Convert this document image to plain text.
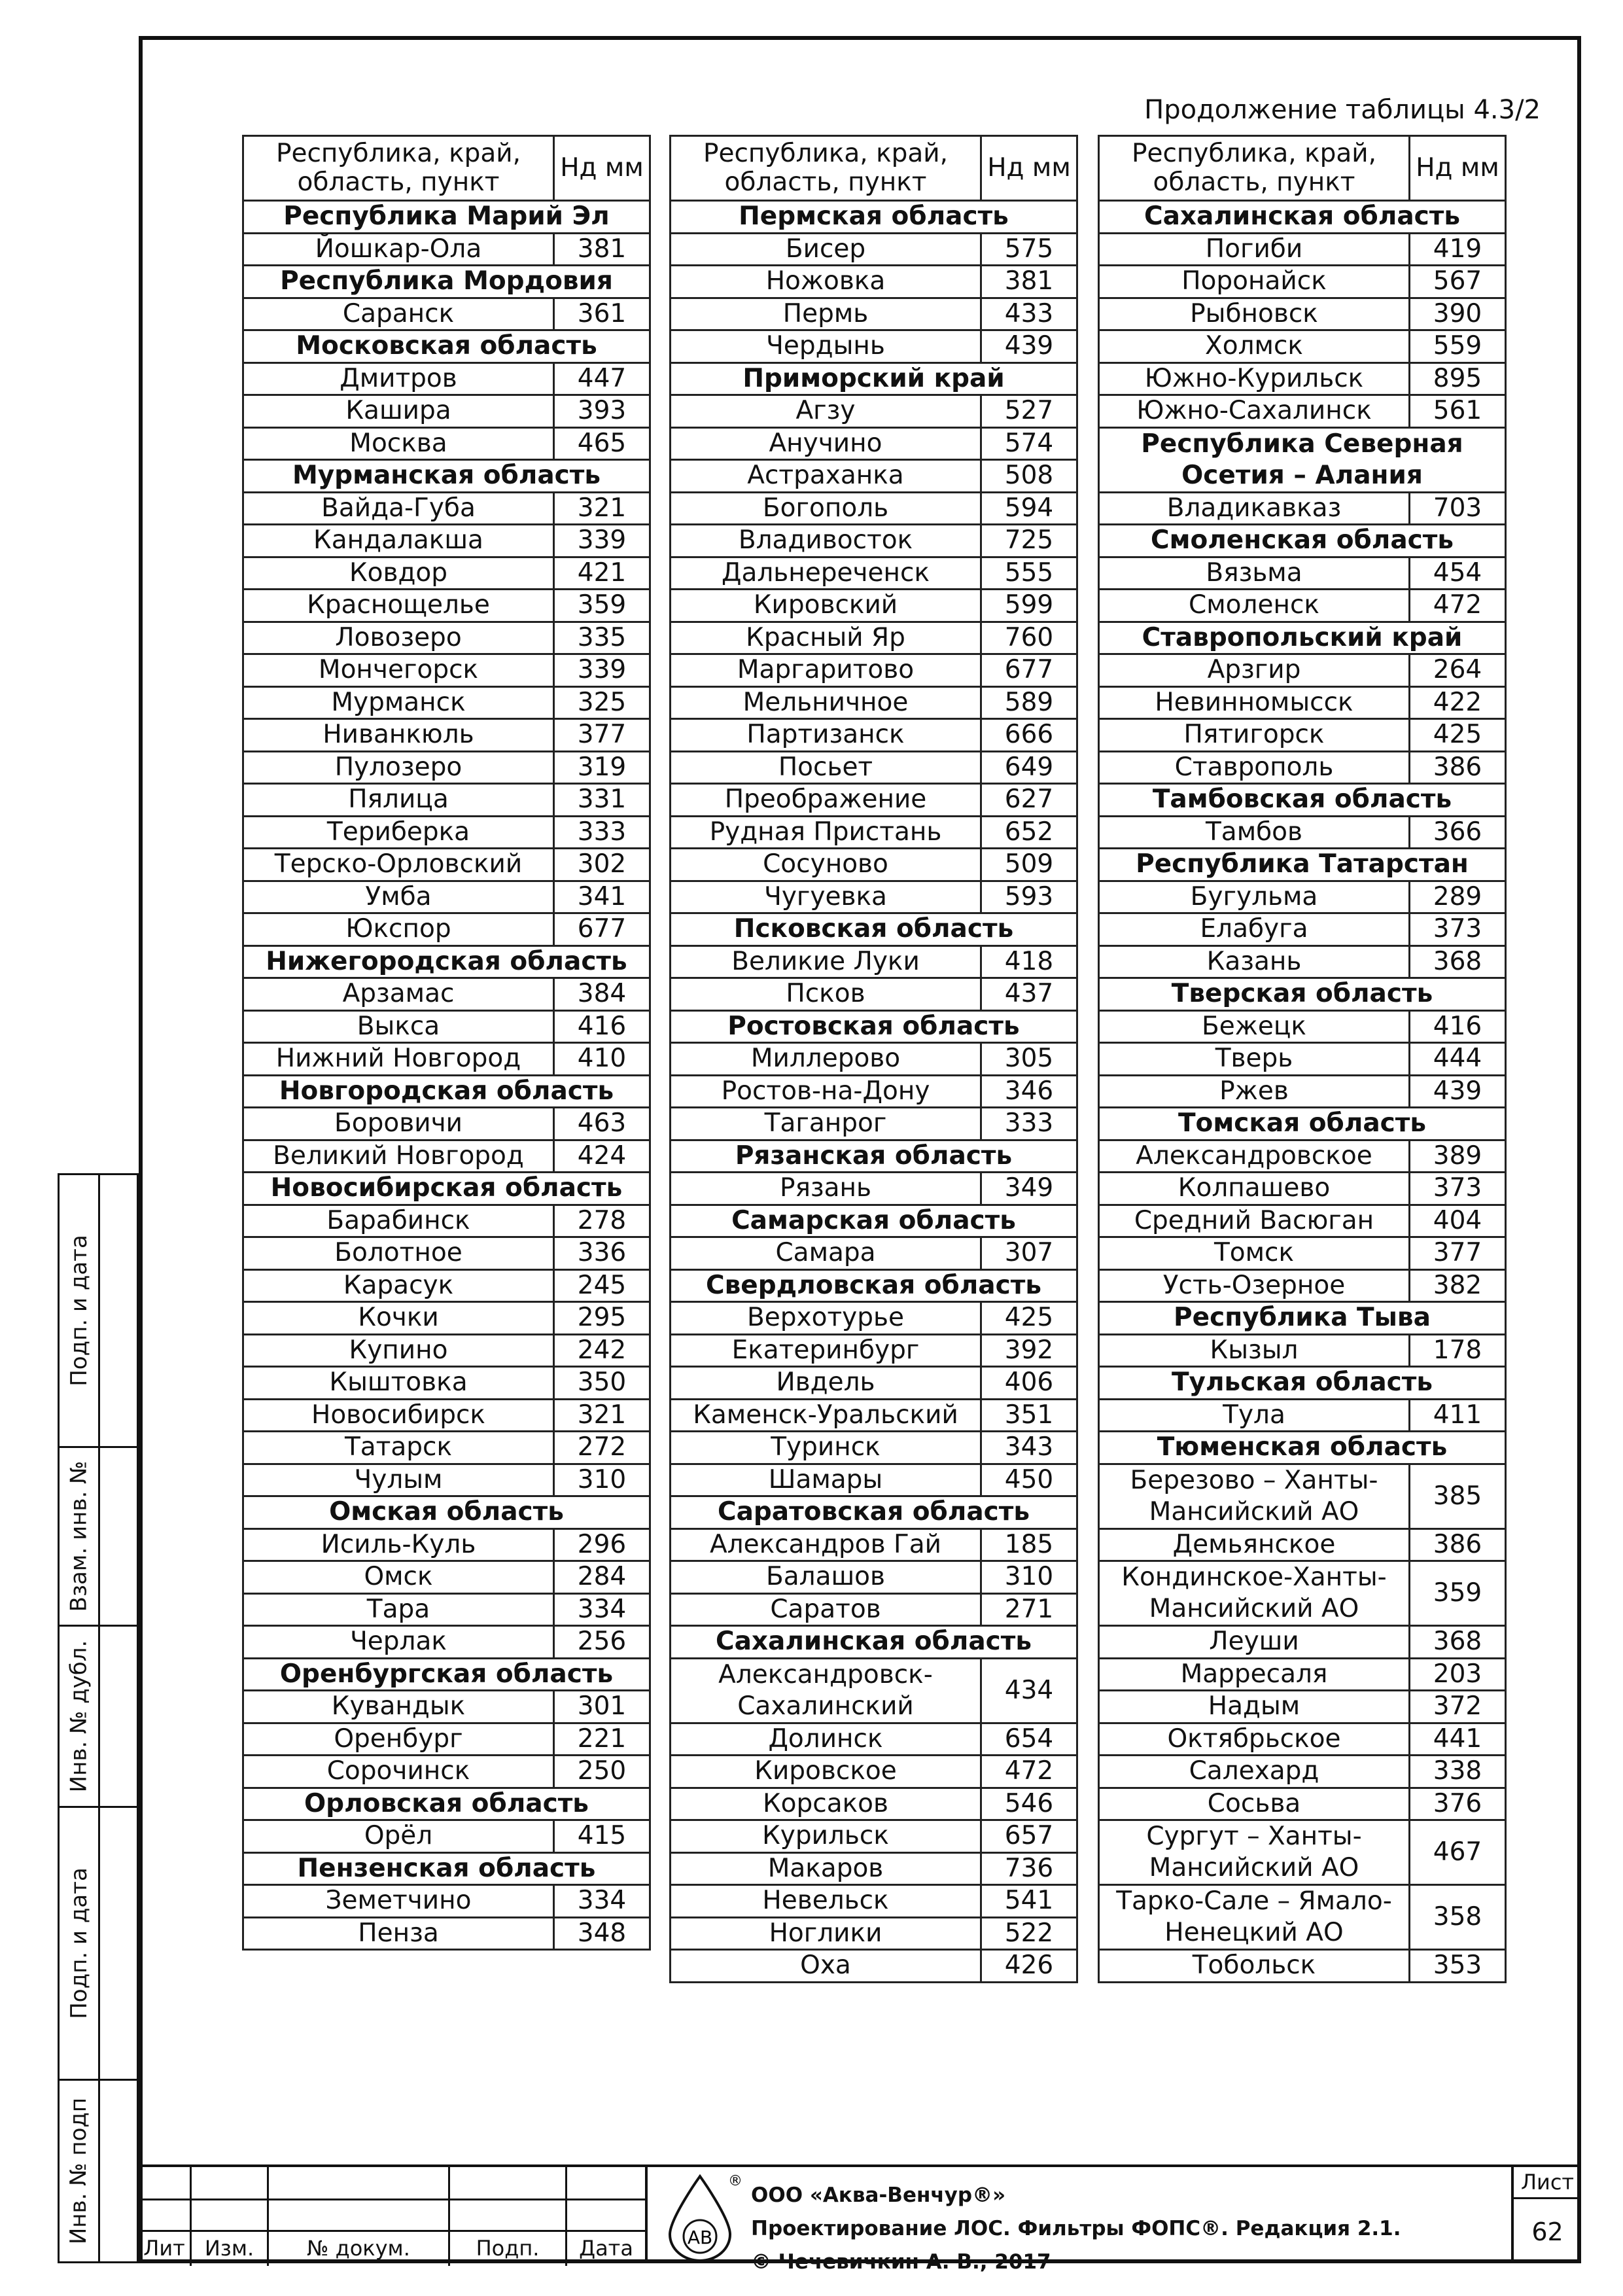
Продолжение таблицы 4.3/2
Республика, край, область, пункт	Hд мм
Республика Марий Эл	
Йошкар-Ола	381
Республика Мордовия	
Саранск	361
Московская область	
Дмитров	447
Кашира	393
Москва	465
Мурманская область	
Вайда-Губа	321
Кандалакша	339
Ковдор	421
Краснощелье	359
Ловозеро	335
Мончегорск	339
Мурманск	325
Ниванкюль	377
Пулозеро	319
Пялица	331
Териберка	333
Терско-Орловский	302
Умба	341
Юкспор	677
Нижегородская область	
Арзамас	384
Выкса	416
Нижний Новгород	410
Новгородская область	
Боровичи	463
Великий Новгород	424
Новосибирская область	
Барабинск	278
Болотное	336
Карасук	245
Кочки	295
Купино	242
Кыштовка	350
Новосибирск	321
Татарск	272
Чулым	310
Омская область	
Исиль-Куль	296
Омск	284
Тара	334
Черлак	256
Оренбургская область	
Кувандык	301
Оренбург	221
Сорочинск	250
Орловская область	
Орёл	415
Пензенская область	
Земетчино	334
Пенза	348
Республика, край, область, пункт	Hд мм
Пермская область	
Бисер	575
Ножовка	381
Пермь	433
Чердынь	439
Приморский край	
Агзу	527
Анучино	574
Астраханка	508
Богополь	594
Владивосток	725
Дальнереченск	555
Кировский	599
Красный Яр	760
Маргаритово	677
Мельничное	589
Партизанск	666
Посьет	649
Преображение	627
Рудная Пристань	652
Сосуново	509
Чугуевка	593
Псковская область	
Великие Луки	418
Псков	437
Ростовская область	
Миллерово	305
Ростов-на-Дону	346
Таганрог	333
Рязанская область	
Рязань	349
Самарская область	
Самара	307
Свердловская область	
Верхотурье	425
Екатеринбург	392
Ивдель	406
Каменск-Уральский	351
Туринск	343
Шамары	450
Саратовская область	
Александров Гай	185
Балашов	310
Саратов	271
Сахалинская область	
Александровск-Сахалинский	434
Долинск	654
Кировское	472
Корсаков	546
Курильск	657
Макаров	736
Невельск	541
Ноглики	522
Оха	426
Республика, край, область, пункт	Hд мм
Сахалинская область	
Погиби	419
Поронайск	567
Рыбновск	390
Холмск	559
Южно-Курильск	895
Южно-Сахалинск	561
Республика Северная Осетия – Алания	
Владикавказ	703
Смоленская область	
Вязьма	454
Смоленск	472
Ставропольский край	
Арзгир	264
Невинномысск	422
Пятигорск	425
Ставрополь	386
Тамбовская область	
Тамбов	366
Республика Татарстан	
Бугульма	289
Елабуга	373
Казань	368
Тверская область	
Бежецк	416
Тверь	444
Ржев	439
Томская область	
Александровское	389
Колпашево	373
Средний Васюган	404
Томск	377
Усть-Озерное	382
Республика Тыва	
Кызыл	178
Тульская область	
Тула	411
Тюменская область	
Березово – Ханты-Мансийский АО	385
Демьянское	386
Кондинское-Ханты-Мансийский АО	359
Леуши	368
Марресаля	203
Надым	372
Октябрьское	441
Салехард	338
Сосьва	376
Сургут – Ханты-Мансийский АО	467
Тарко-Сале – Ямало-Ненецкий АО	358
Тобольск	353
Подп. и дата
Взам. инв. №
Инв. № дубл.
Подп. и дата
Инв. № подп
Лит Изм.	№ докум.	Подп.	Дата	АВ
®
ООО «Аква-Венчур®»
Проектирование ЛОС. Фильтры ФОПС®. Редакция 2.1.
© Чечевичкин А. В., 2017
Лист
62
